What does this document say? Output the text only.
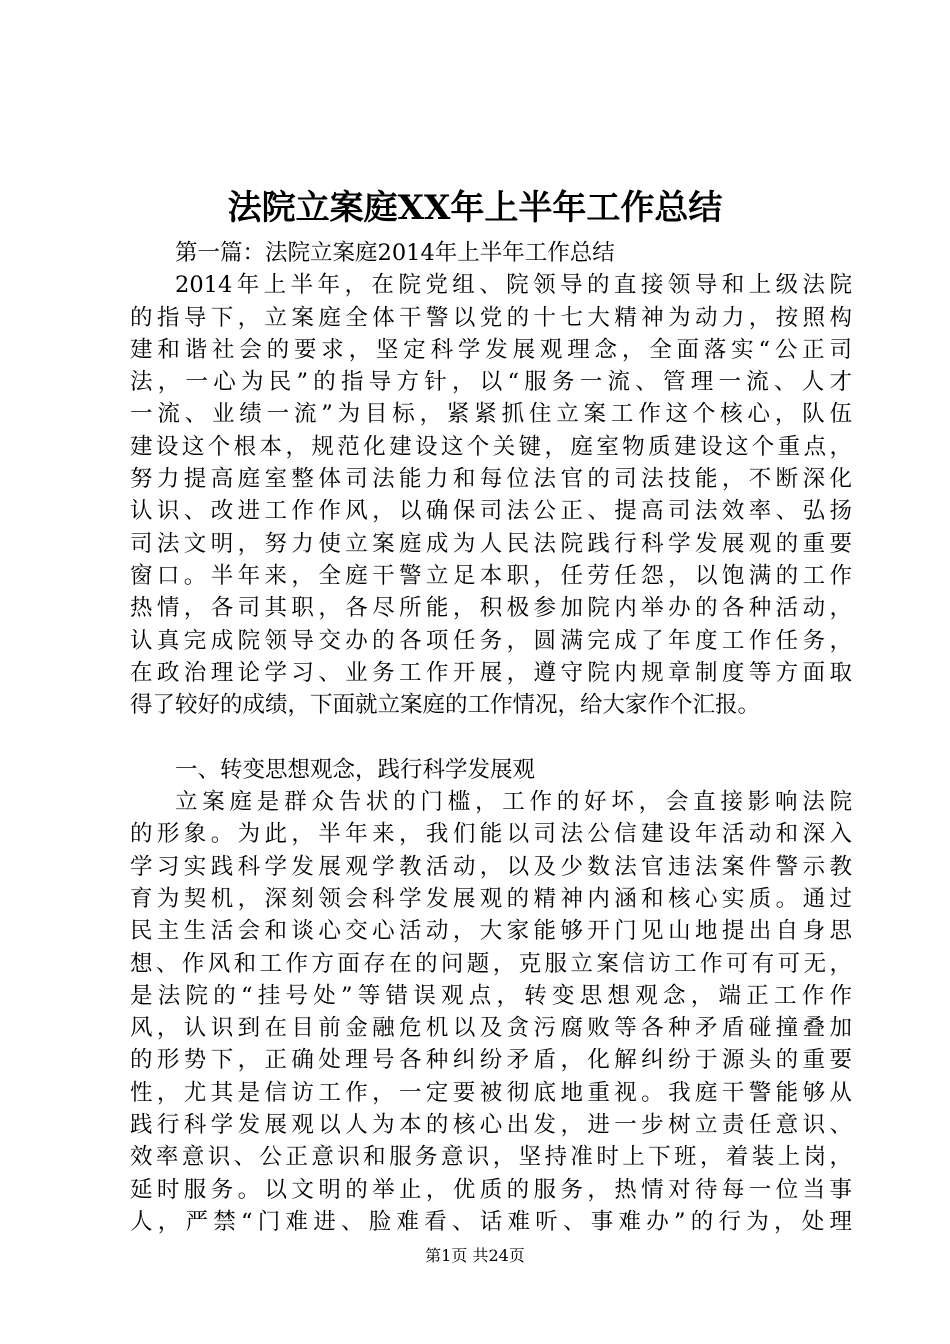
法院立案庭XX年上半年工作总结
第一篇：法院立案庭2014年上半年工作总结
2014年上半年，在院党组、院领导的直接领导和上级法院
的指导下，立案庭全体干警以党的十七大精神为动力，按照构
建和谐社会的要求，坚定科学发展观理念，全面落实“公正司
法，一心为民”的指导方针，以“服务一流、管理一流、人才
一流、业绩一流”为目标，紧紧抓住立案工作这个核心，队伍
建设这个根本，规范化建设这个关键，庭室物质建设这个重点，
努力提高庭室整体司法能力和每位法官的司法技能，不断深化
认识、改进工作作风，以确保司法公正、提高司法效率、弘扬
司法文明，努力使立案庭成为人民法院践行科学发展观的重要
窗口。半年来，全庭干警立足本职，任劳任怨，以饱满的工作
热情，各司其职，各尽所能，积极参加院内举办的各种活动，
认真完成院领导交办的各项任务，圆满完成了年度工作任务，
在政治理论学习、业务工作开展，遵守院内规章制度等方面取
得了较好的成绩，下面就立案庭的工作情况，给大家作个汇报。
一、转变思想观念，践行科学发展观
立案庭是群众告状的门槛，工作的好坏，会直接影响法院
的形象。为此，半年来，我们能以司法公信建设年活动和深入
学习实践科学发展观学教活动，以及少数法官违法案件警示教
育为契机，深刻领会科学发展观的精神内涵和核心实质。通过
民主生活会和谈心交心活动，大家能够开门见山地提出自身思
想、作风和工作方面存在的问题，克服立案信访工作可有可无，
是法院的“挂号处”等错误观点，转变思想观念，端正工作作
风，认识到在目前金融危机以及贪污腐败等各种矛盾碰撞叠加
的形势下，正确处理号各种纠纷矛盾，化解纠纷于源头的重要
性，尤其是信访工作，一定要被彻底地重视。我庭干警能够从
践行科学发展观以人为本的核心出发，进一步树立责任意识、
效率意识、公正意识和服务意识，坚持准时上下班，着装上岗，
延时服务。以文明的举止，优质的服务，热情对待每一位当事
人，严禁“门难进、脸难看、话难听、事难办”的行为，处理
第1页 共24页
